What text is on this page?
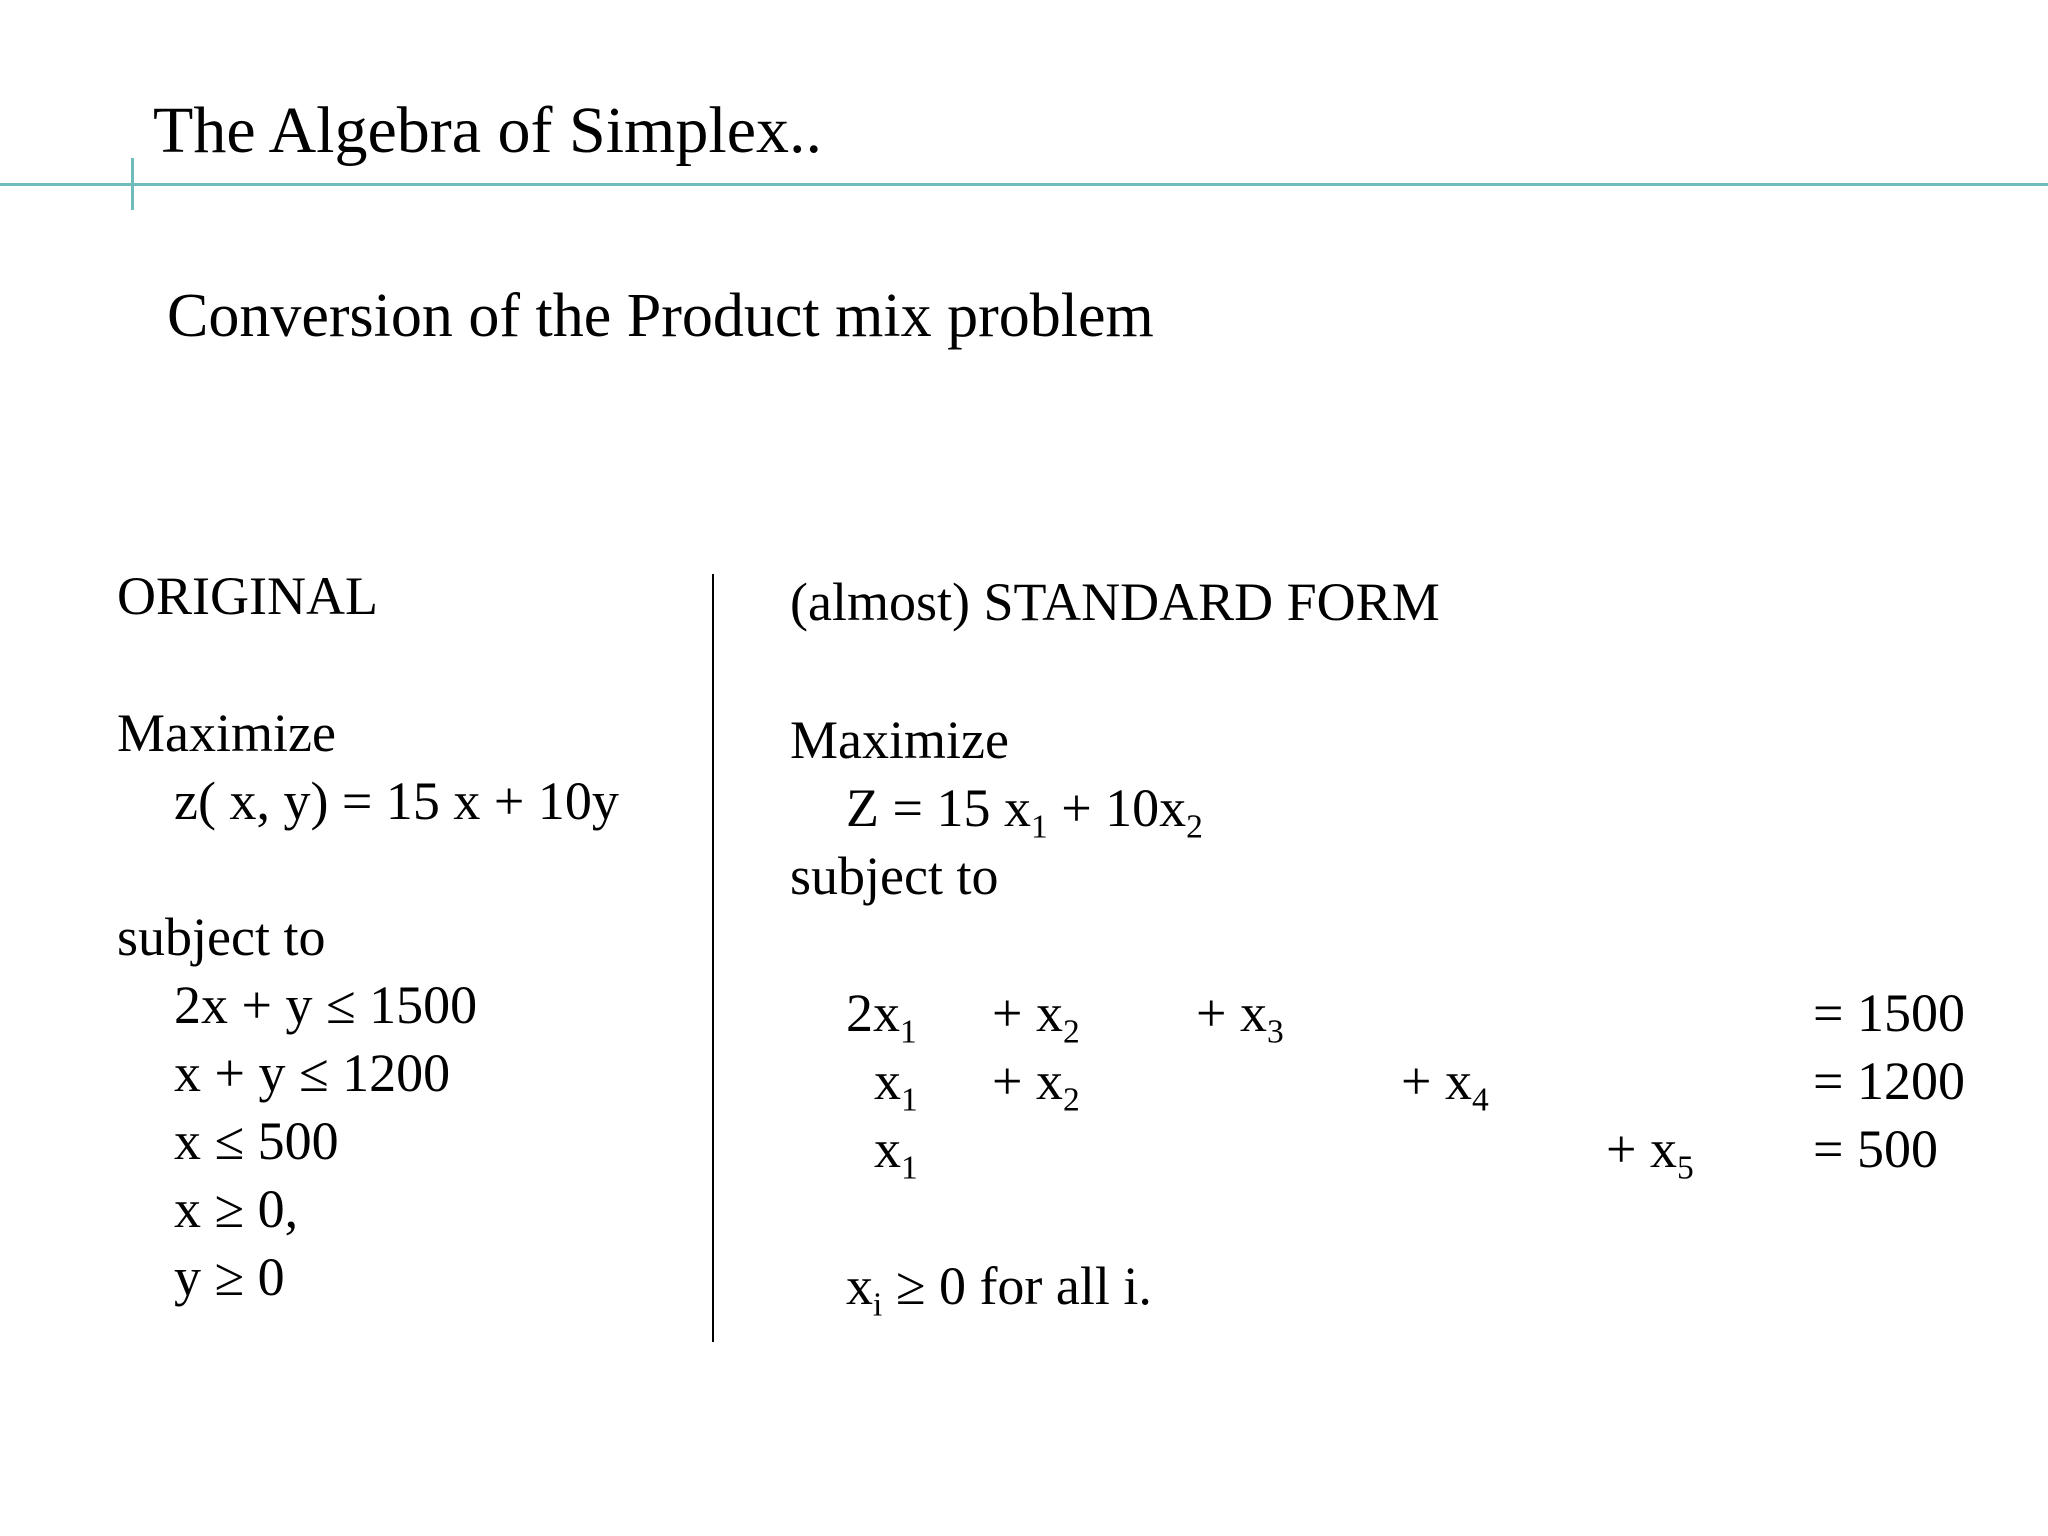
The Algebra of Simplex..
Conversion of the Product mix problem
ORIGINAL
Maximize
z( x, y) = 15 x + 10y
subject to
2x + y ≤ 1500
x + y ≤ 1200
x ≤ 500
x ≥ 0,
y ≥ 0
(almost) STANDARD FORM
Maximize
Z = 15 $x_1 + 10x_2$
subject to
$2x_1 + x_2 + x_3$	= 1500
$x_1 + x_2$	+ $x_4$	= 1200
$x_1$	+ $x_5 = 500$
$x_i \ge 0$ for all i.
